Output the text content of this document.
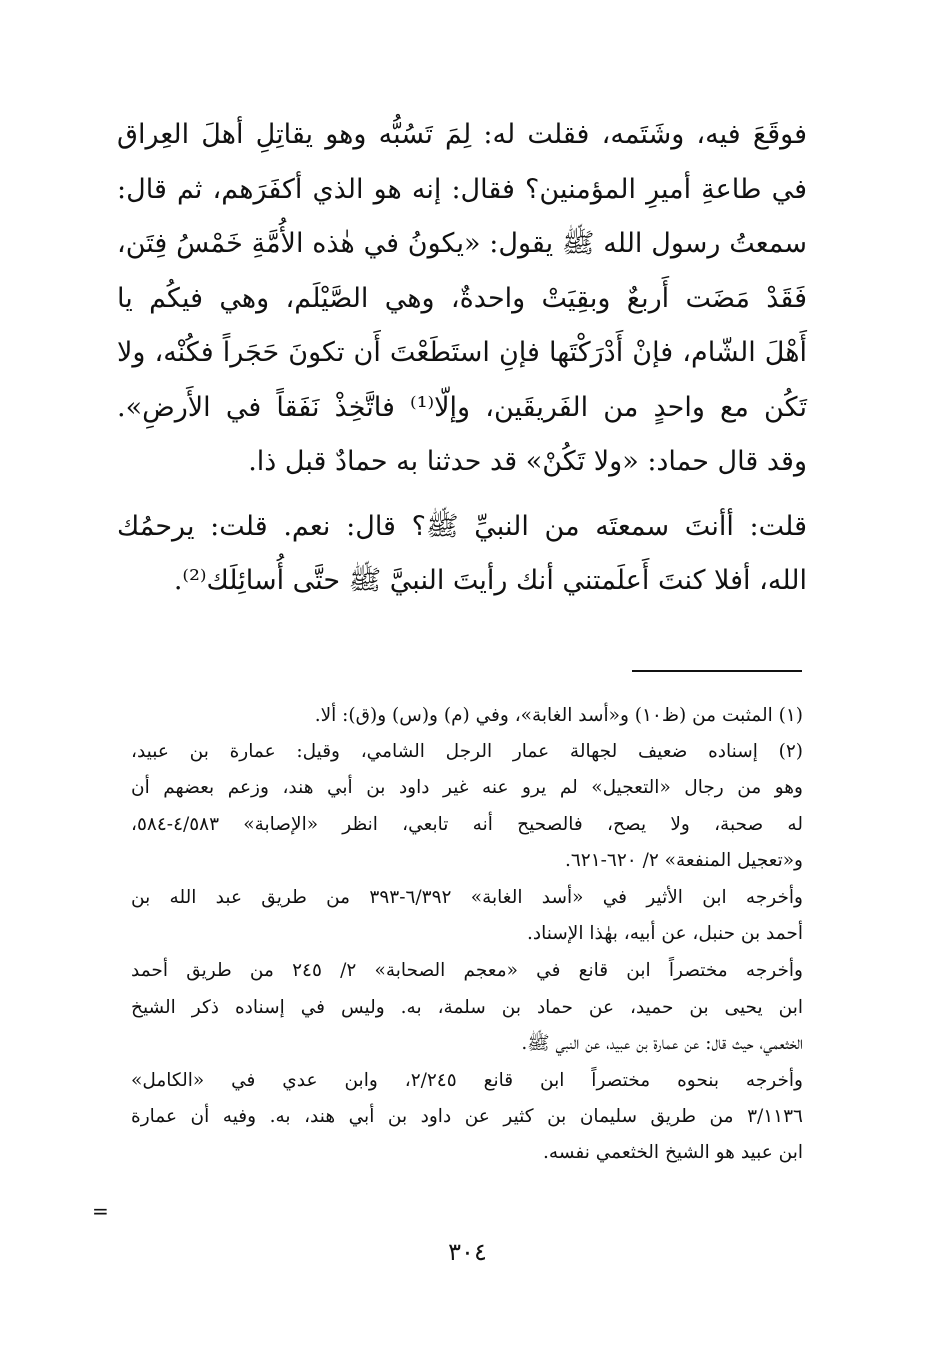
فوقَعَ فيه، وشَتَمه، فقلت له: لِمَ تَسُبُّه وهو يقاتِلِ أهلَ العِراق
في طاعةِ أميرِ المؤمنين؟ فقال: إنه هو الذي أكفَرَهم، ثم قال:
سمعتُ رسول الله ﷺ يقول: «يكونُ في هٰذه الأُمَّةِ خَمْسُ فِتَن،
فَقَدْ مَضَت أَربعٌ وبقِيَتْ واحدةٌ، وهي الصَّيْلَم، وهي فيكُم يا
أَهْلَ الشّام، فإنْ أَدْرَكْتَها فإنِ استَطَعْتَ أَن تكونَ حَجَراً فكُنْه، ولا
تَكُن مع واحدٍ من الفَريقَين، وإلّا⁽¹⁾ فاتَّخِذْ نَفَقاً في الأَرضِ».
وقد قال حماد: «ولا تَكُنْ» قد حدثنا به حمادٌ قبل ذا.
قلت: أأنتَ سمعتَه من النبيِّ ﷺ؟ قال: نعم. قلت: يرحمُك
الله، أفلا كنتَ أَعلَمتني أنك رأيتَ النبيَّ ﷺ حتَّى أُسائِلَك⁽²⁾.
(١) المثبت من (ظ١٠) و«أسد الغابة»، وفي (م) و(س) و(ق): ألا.
(٢) إسناده ضعيف لجهالة عمار الرجل الشامي، وقيل: عمارة بن عبيد،
وهو من رجال «التعجيل» لم يرو عنه غير داود بن أبي هند، وزعم بعضهم أن
له صحبة، ولا يصح، فالصحيح أنه تابعي، انظر «الإصابة» ٤/٥٨٣-٥٨٤،
و«تعجيل المنفعة» ٢/ ٦٢٠-٦٢١.
وأخرجه ابن الأثير في «أسد الغابة» ٦/٣٩٢-٣٩٣ من طريق عبد الله بن
أحمد بن حنبل، عن أبيه، بهٰذا الإسناد.
وأخرجه مختصراً ابن قانع في «معجم الصحابة» ٢/ ٢٤٥ من طريق أحمد
ابن يحيى بن حميد، عن حماد بن سلمة، به. وليس في إسناده ذكر الشيخ
الخثعمي، حيث قال: عن عمارة بن عبيد، عن النبي ﷺ.
وأخرجه بنحوه مختصراً ابن قانع ٢/٢٤٥، وابن عدي في «الكامل»
٣/١١٣٦ من طريق سليمان بن كثير عن داود بن أبي هند، به. وفيه أن عمارة
ابن عبيد هو الشيخ الخثعمي نفسه.
=
٣٠٤
